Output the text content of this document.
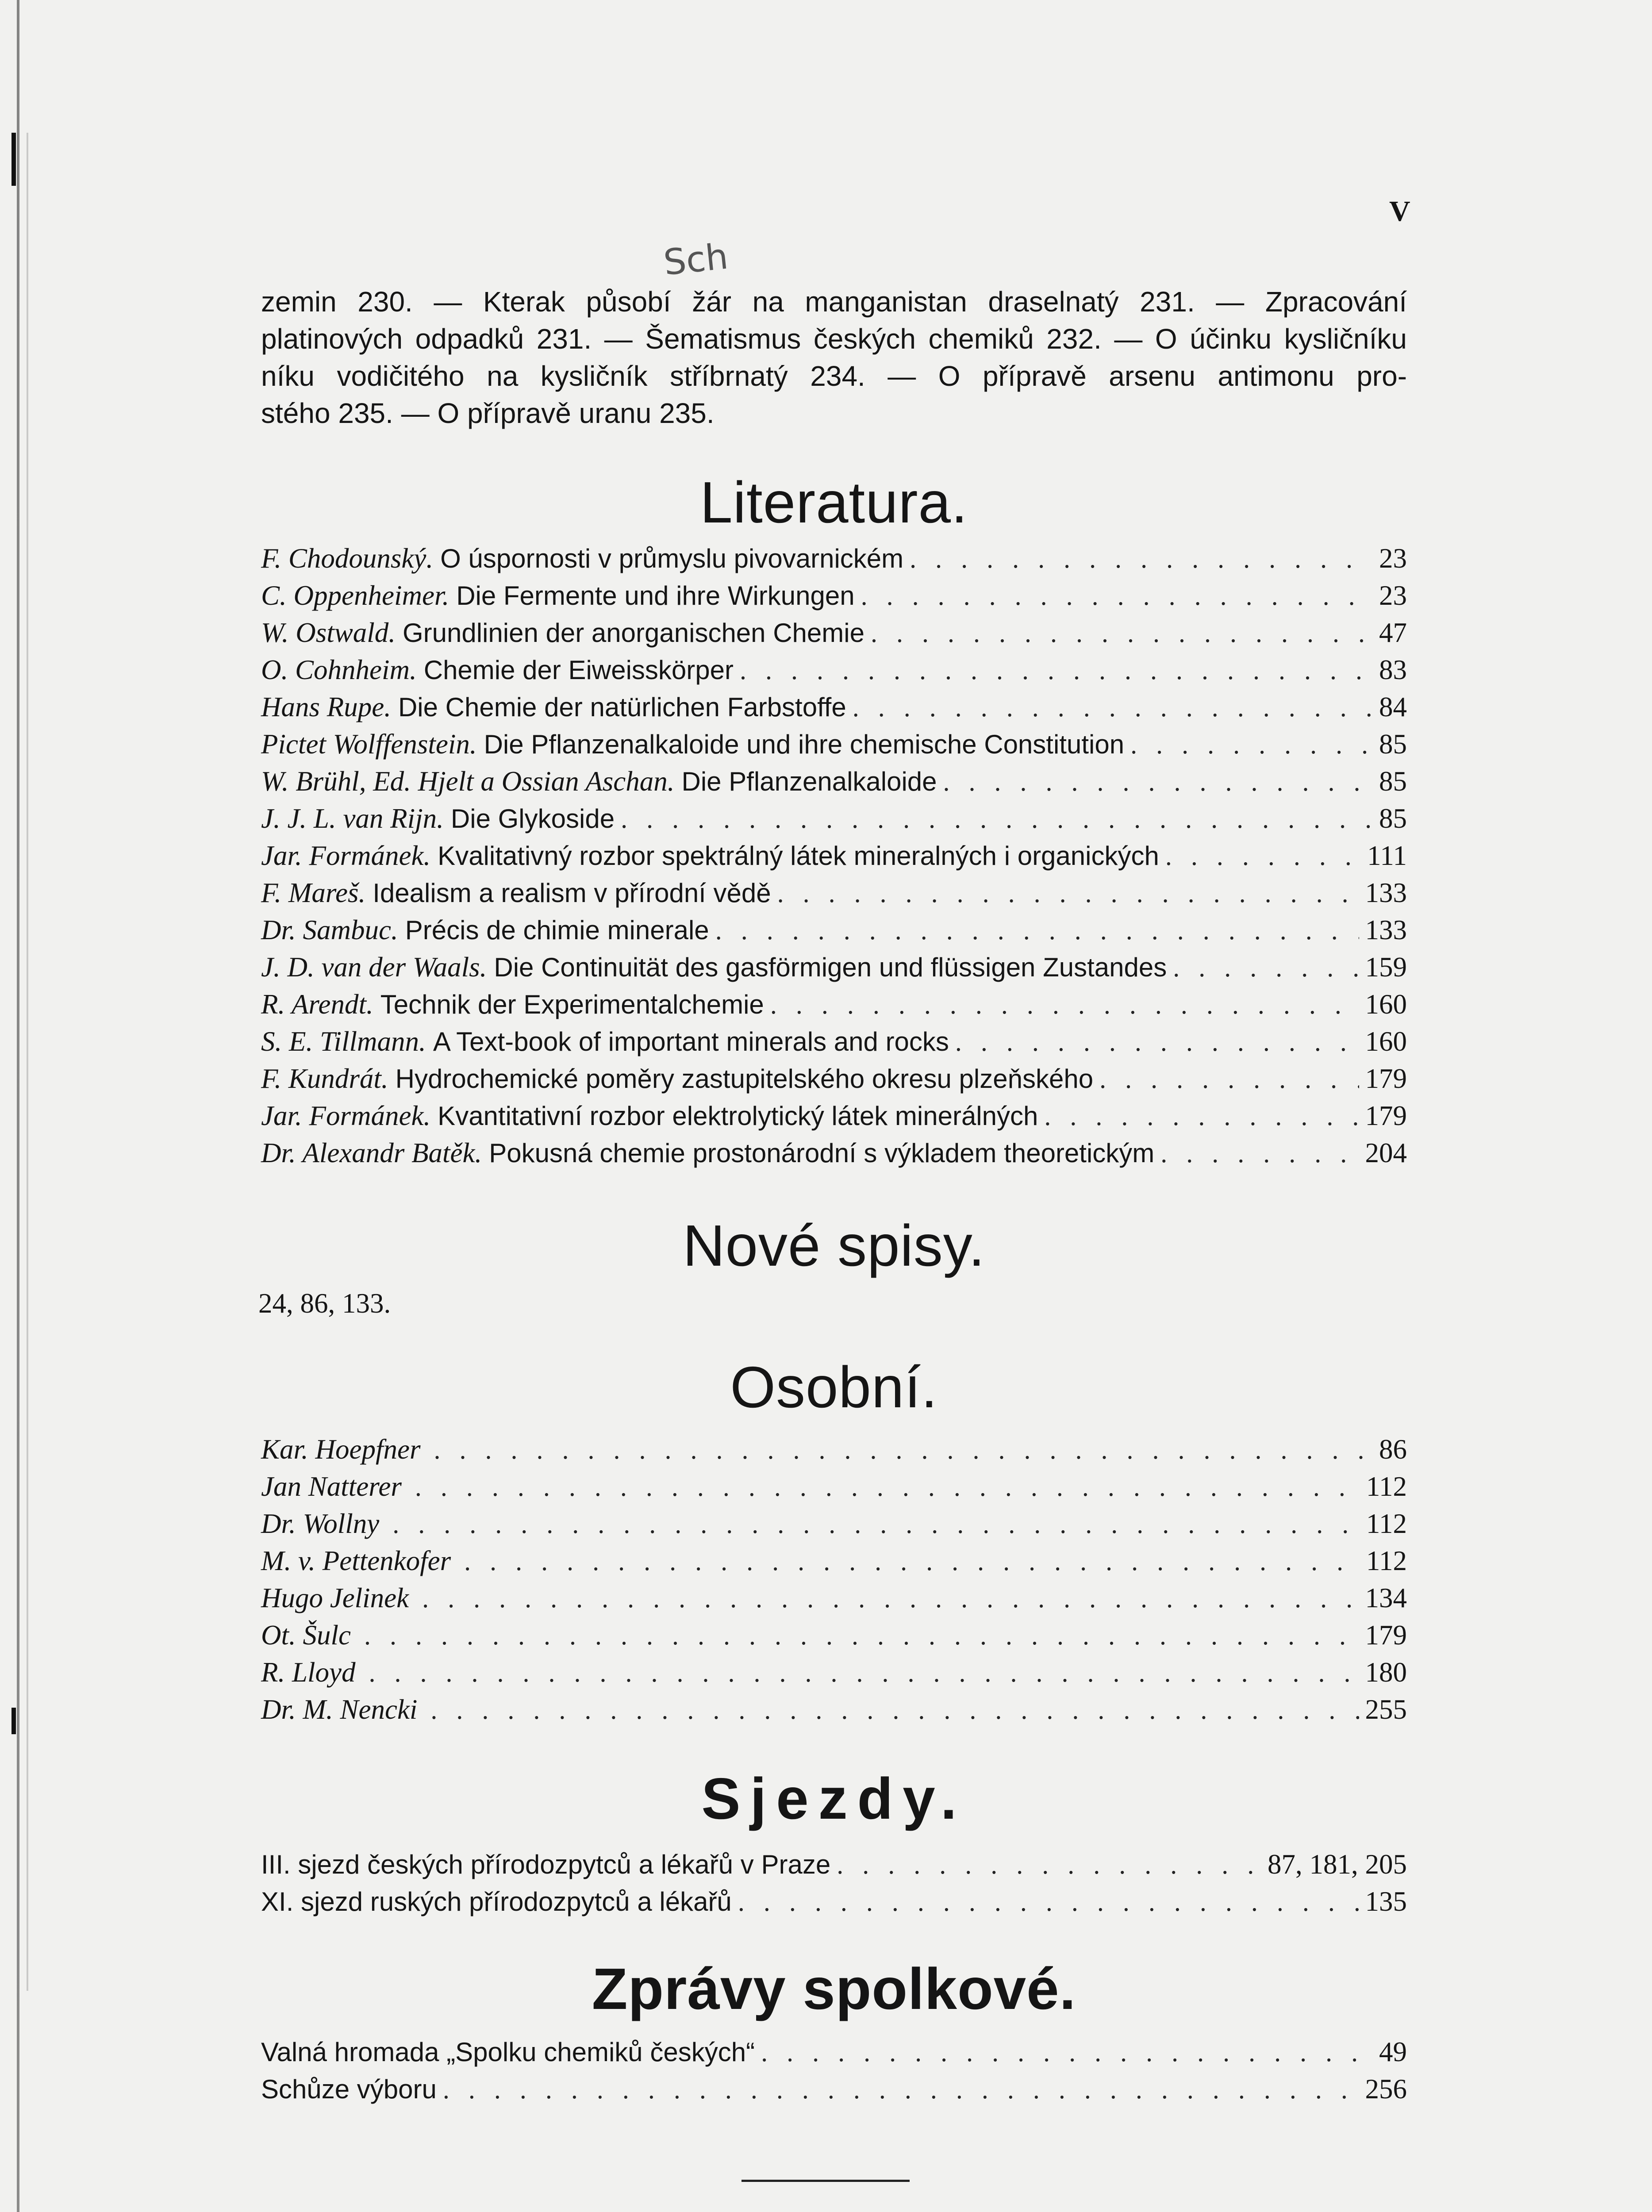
V
Sch
zemin 230. — Kterak působí žár na manganistan draselnatý 231. — Zpracování
platinových odpadků 231. — Šematismus českých chemiků 232. — O účinku kysličníku
níku vodičitého na kysličník stříbrnatý 234. — O přípravě arsenu antimonu pro-
stého 235. — O přípravě uranu 235.
Literatura.
F. Chodounský. O úspornosti v průmyslu pivovarnickém . . .	23
C. Oppenheimer. Die Fermente und ihre Wirkungen . . .	23
W. Ostwald. Grundlinien der anorganischen Chemie . . .	47
O. Cohnheim. Chemie der Eiweisskörper . . .	83
Hans Rupe. Die Chemie der natürlichen Farbstoffe . . .	84
Pictet Wolffenstein. Die Pflanzenalkaloide und ihre chemische Constitution . . .	85
W. Brühl, Ed. Hjelt a Ossian Aschan. Die Pflanzenalkaloide . . .	85
J. J. L. van Rijn. Die Glykoside . . .	85
Jar. Formánek. Kvalitativný rozbor spektrálný látek mineralných i organických . . .	111
F. Mareš. Idealism a realism v přírodní vědě . . .	133
Dr. Sambuc. Précis de chimie minerale . . .	133
J. D. van der Waals. Die Continuität des gasförmigen und flüssigen Zustandes . . .	159
R. Arendt. Technik der Experimentalchemie . . .	160
S. E. Tillmann. A Text-book of important minerals and rocks . . .	160
F. Kundrát. Hydrochemické poměry zastupitelského okresu plzeňského . . .	179
Jar. Formánek. Kvantitativní rozbor elektrolytický látek minerálných . . .	179
Dr. Alexandr Batěk. Pokusná chemie prostonárodní s výkladem theoretickým . . .	204
Nové spisy.
24, 86, 133.
Osobní.
Kar. Hoepfner . . .	86
Jan Natterer . . .	112
Dr. Wollny . . .	112
M. v. Pettenkofer . . .	112
Hugo Jelinek . . .	134
Ot. Šulc . . .	179
R. Lloyd . . .	180
Dr. M. Nencki . . .	255
Sjezdy.
III. sjezd českých přírodozpytců a lékařů v Praze . . .	87, 181, 205
XI. sjezd ruských přírodozpytců a lékařů . . .	135
Zprávy spolkové.
Valná hromada „Spolku chemiků českých“ . . .	49
Schůze výboru . . .	256
